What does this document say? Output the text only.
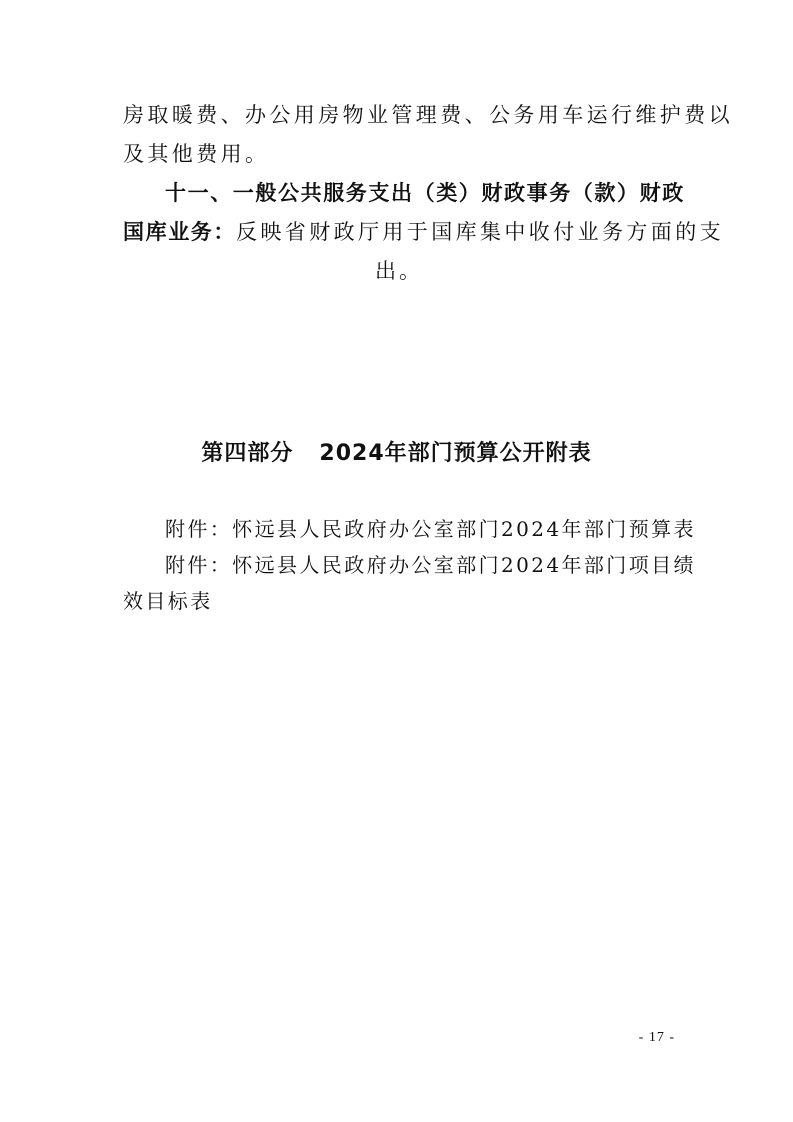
房取暖费、办公用房物业管理费、公务用车运行维护费以
及其他费用。
十一、一般公共服务支出（类）财政事务（款）财政
国库业务：反映省财政厅用于国库集中收付业务方面的支
出。
第四部分 2024年部门预算公开附表
附件：怀远县人民政府办公室部门2024年部门预算表
附件：怀远县人民政府办公室部门2024年部门项目绩
效目标表
- 17 -
